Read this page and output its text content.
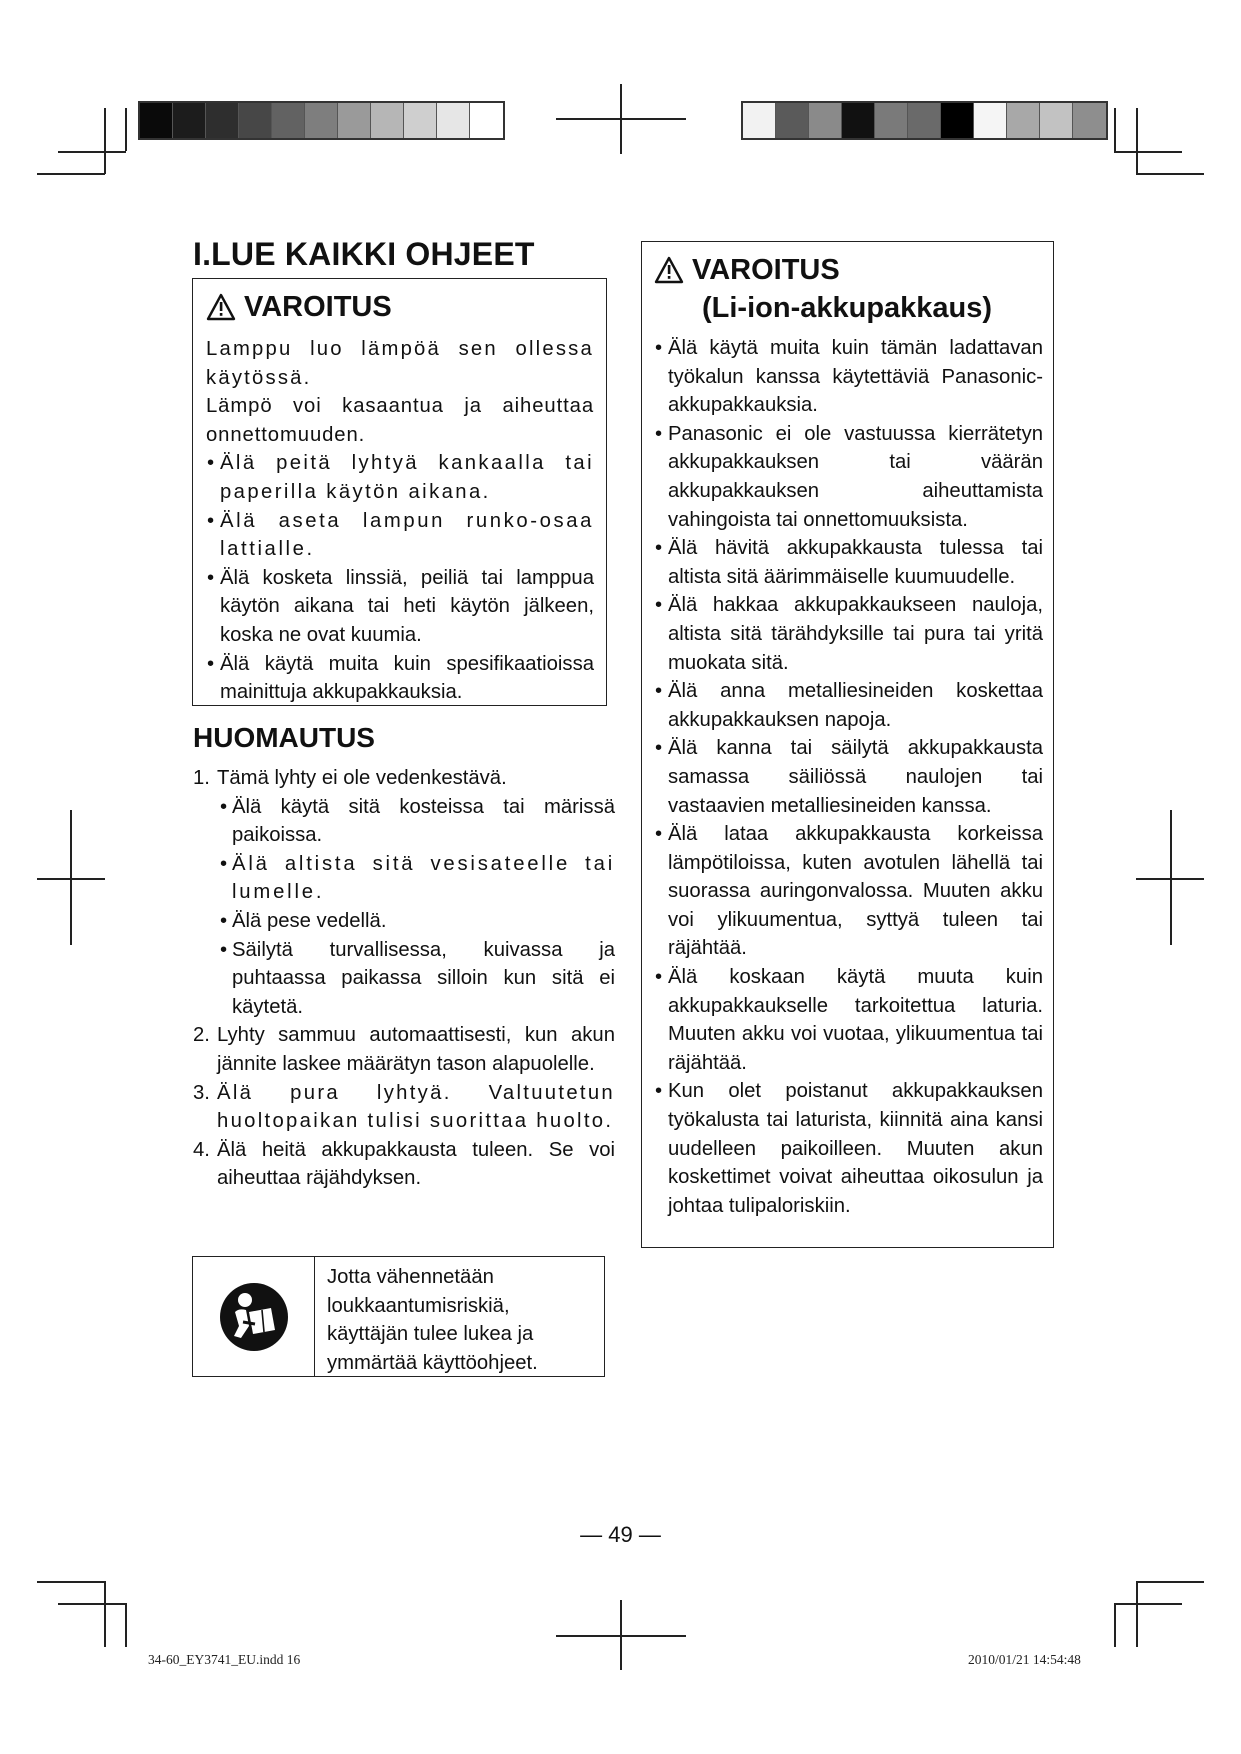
I.LUE KAIKKI OHJEET
VAROITUS

Lamppu luo lämpöä sen ollessa käytössä.

Lämpö voi kasaantua ja aiheuttaa onnettomuuden.

• Älä peitä lyhtyä kankaalla tai paperilla käytön aikana.

• Älä aseta lampun runko-osaa lattialle.

• Älä kosketa linssiä, peiliä tai lamppua käytön aikana tai heti käytön jälkeen, koska ne ovat kuumia.

• Älä käytä muita kuin spesifikaatioissa mainittuja akkupakkauksia.

HUOMAUTUS
1. Tämä lyhty ei ole vedenkestävä.
• Älä käytä sitä kosteissa tai märissä paikoissa.
• Älä altista sitä vesisateelle tai lumelle.
• Älä pese vedellä.
• Säilytä turvallisessa, kuivassa ja puhtaassa paikassa silloin kun sitä ei käytetä.
2. Lyhty sammuu automaattisesti, kun akun jännite laskee määrätyn tason alapuolelle.
3. Älä pura lyhtyä. Valtuutetun huoltopaikan tulisi suorittaa huolto.
4. Älä heitä akkupakkausta tuleen. Se voi aiheuttaa räjähdyksen.
Jotta vähennetään
loukkaantumisriskiä,
käyttäjän tulee lukea ja
ymmärtää käyttöohjeet.
VAROITUS
(Li-ion-akkupakkaus)

• Älä käytä muita kuin tämän ladattavan työkalun kanssa käytettäviä Panasonic-akkupakkauksia.

• Panasonic ei ole vastuussa kierrätetyn akkupakkauksen tai väärän akkupakkauksen aiheuttamista vahingoista tai onnettomuuksista.

• Älä hävitä akkupakkausta tulessa tai altista sitä äärimmäiselle kuumuudelle.

• Älä hakkaa akkupakkaukseen nauloja, altista sitä tärähdyksille tai pura tai yritä muokata sitä.

• Älä anna metalliesineiden koskettaa akkupakkauksen napoja.

• Älä kanna tai säilytä akkupakkausta samassa säiliössä naulojen tai vastaavien metalliesineiden kanssa.

• Älä lataa akkupakkausta korkeissa lämpötiloissa, kuten avotulen lähellä tai suorassa auringonvalossa. Muuten akku voi ylikuumentua, syttyä tuleen tai räjähtää.

• Älä koskaan käytä muuta kuin akkupakkaukselle tarkoitettua laturia. Muuten akku voi vuotaa, ylikuumentua tai räjähtää.

• Kun olet poistanut akkupakkauksen työkalusta tai laturista, kiinnitä aina kansi uudelleen paikoilleen. Muuten akun koskettimet voivat aiheuttaa oikosulun ja johtaa tulipaloriskiin.

— 49 —
34-60_EY3741_EU.indd 16	2010/01/21 14:54:48
